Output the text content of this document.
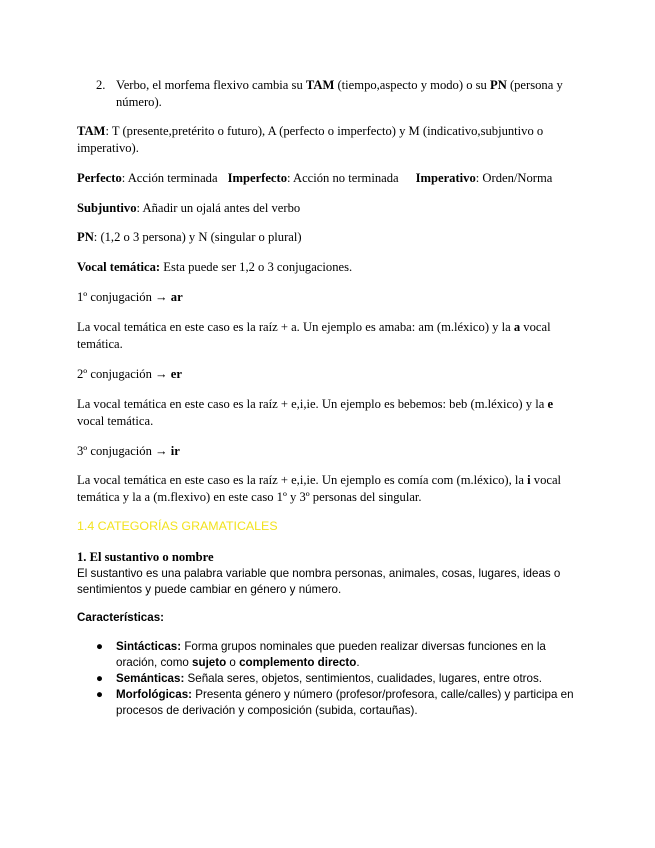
2. Verbo, el morfema flexivo cambia su TAM (tiempo,aspecto y modo) o su PN (persona y número).

TAM: T (presente,pretérito o futuro), A (perfecto o imperfecto) y M (indicativo,subjuntivo o imperativo).

Perfecto: Acción terminada Imperfecto: Acción no terminada Imperativo: Orden/Norma

Subjuntivo: Añadir un ojalá antes del verbo

PN: (1,2 o 3 persona) y N (singular o plural)

Vocal temática: Esta puede ser 1,2 o 3 conjugaciones.

1º conjugación → ar

La vocal temática en este caso es la raíz + a. Un ejemplo es amaba: am (m.léxico) y la a vocal temática.

2º conjugación → er

La vocal temática en este caso es la raíz + e,i,ie. Un ejemplo es bebemos: beb (m.léxico) y la e vocal temática.

3º conjugación → ir

La vocal temática en este caso es la raíz + e,i,ie. Un ejemplo es comía com (m.léxico), la i vocal temática y la a (m.flexivo) en este caso 1º y 3º personas del singular.

1.4 CATEGORÍAS GRAMATICALES

1. El sustantivo o nombre

El sustantivo es una palabra variable que nombra personas, animales, cosas, lugares, ideas o sentimientos y puede cambiar en género y número.

Características:

● Sintácticas: Forma grupos nominales que pueden realizar diversas funciones en la oración, como sujeto o complemento directo.
● Semánticas: Señala seres, objetos, sentimientos, cualidades, lugares, entre otros.
● Morfológicas: Presenta género y número (profesor/profesora, calle/calles) y participa en procesos de derivación y composición (subida, cortauñas).
